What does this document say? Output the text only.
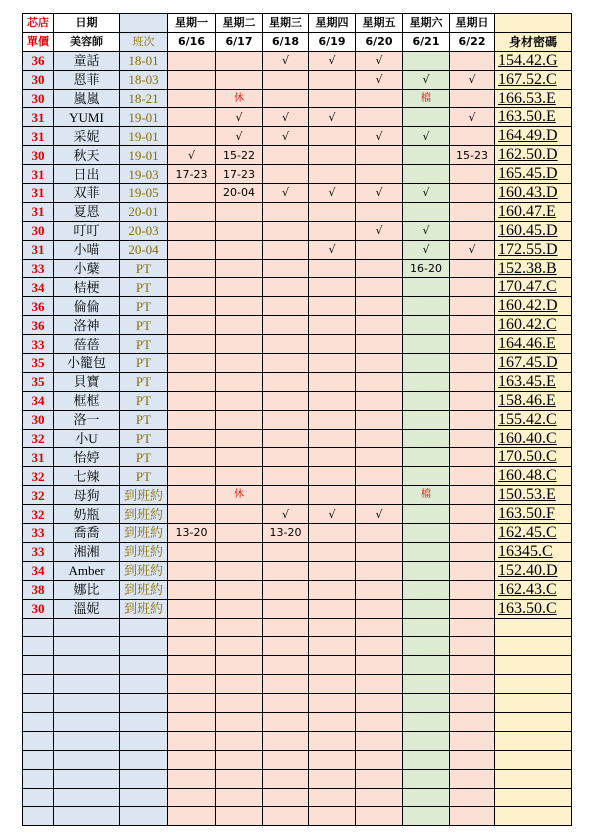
芯店	日期		星期一	星期二	星期三	星期四	星期五	星期六	星期日	
單價	美容師	班次	6/16	6/17	6/18	6/19	6/20	6/21	6/22	身材密碼
36	童話	18-01			√	√	√			154.42.G
30	恩菲	18-03					√	√	√	167.52.C
30	嵐嵐	18-21		休				檔		166.53.E
31	YUMI	19-01		√	√	√			√	163.50.E
31	采妮	19-01		√	√		√	√		164.49.D
30	秋天	19-01	√	15-22					15-23	162.50.D
31	日出	19-03	17-23	17-23						165.45.D
31	双菲	19-05		20-04	√	√	√	√		160.43.D
31	夏恩	20-01								160.47.E
30	叮叮	20-03					√	√		160.45.D
31	小喵	20-04				√		√	√	172.55.D
33	小蘖	PT						16-20		152.38.B
34	桔梗	PT								170.47.C
36	倫倫	PT								160.42.D
36	洛神	PT								160.42.C
33	蓓蓓	PT								164.46.E
35	小籠包	PT								167.45.D
35	貝寶	PT								163.45.E
34	框框	PT								158.46.E
30	洛一	PT								155.42.C
32	小U	PT								160.40.C
31	怡婷	PT								170.50.C
32	七辣	PT								160.48.C
32	母狗	到班約		休				檔		150.53.E
32	奶瓶	到班約			√	√	√			163.50.F
33	喬喬	到班約	13-20		13-20					162.45.C
33	湘湘	到班約								16345.C
34	Amber	到班約								152.40.D
38	娜比	到班約								162.43.C
30	溫妮	到班約								163.50.C
